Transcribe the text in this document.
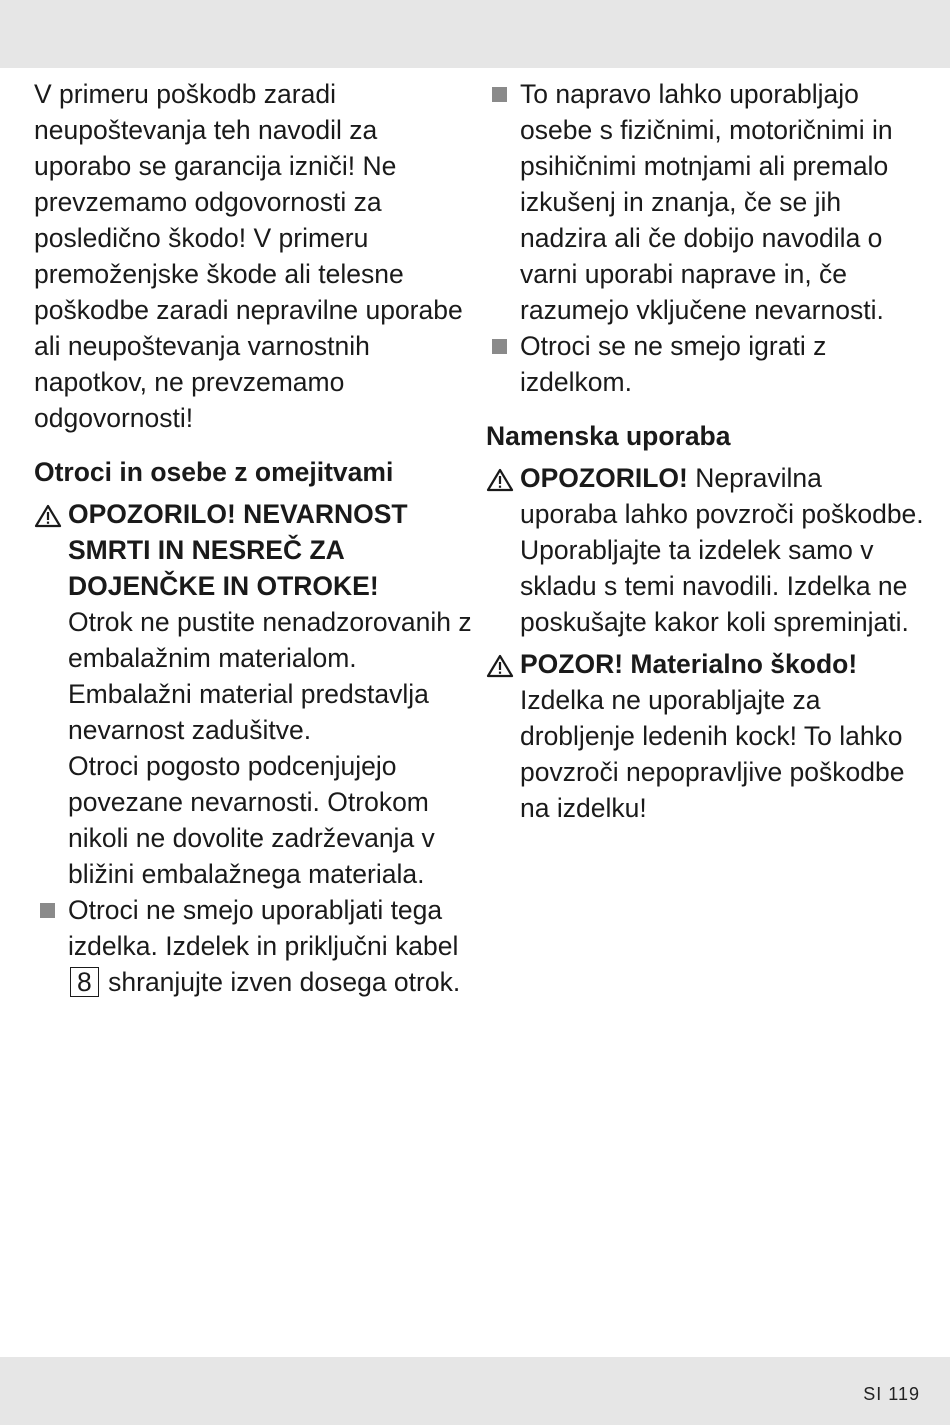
V primeru poškodb zaradi neupoštevanja teh navodil za uporabo se garancija izniči! Ne prevzemamo odgovornosti za posledično škodo! V primeru premoženjske škode ali telesne poškodbe zaradi nepravilne uporabe ali neupoštevanja varnostnih napotkov, ne prevzemamo odgovornosti!

Otroci in osebe z omejitvami

OPOZORILO! NEVARNOST SMRTI IN NESREČ ZA DOJENČKE IN OTROKE!

Otrok ne pustite nenadzorovanih z embalažnim materialom. Embalažni material predstavlja nevarnost zadušitve.

Otroci pogosto podcenjujejo povezane nevarnosti. Otrokom nikoli ne dovolite zadrževanja v bližini embalažnega materiala.

Otroci ne smejo uporabljati tega izdelka. Izdelek in priključni kabel 8 shranjujte izven dosega otrok.

To napravo lahko uporabljajo osebe s fizičnimi, motoričnimi in psihičnimi motnjami ali premalo izkušenj in znanja, če se jih nadzira ali če dobijo navodila o varni uporabi naprave in, če razumejo vključene nevarnosti.

Otroci se ne smejo igrati z izdelkom.

Namenska uporaba

OPOZORILO! Nepravilna uporaba lahko povzroči poškodbe. Uporabljajte ta izdelek samo v skladu s temi navodili. Izdelka ne poskušajte kakor koli spreminjati.

POZOR! Materialno škodo!

Izdelka ne uporabljajte za drobljenje ledenih kock! To lahko povzroči nepopravljive poškodbe na izdelku!

SI 119
